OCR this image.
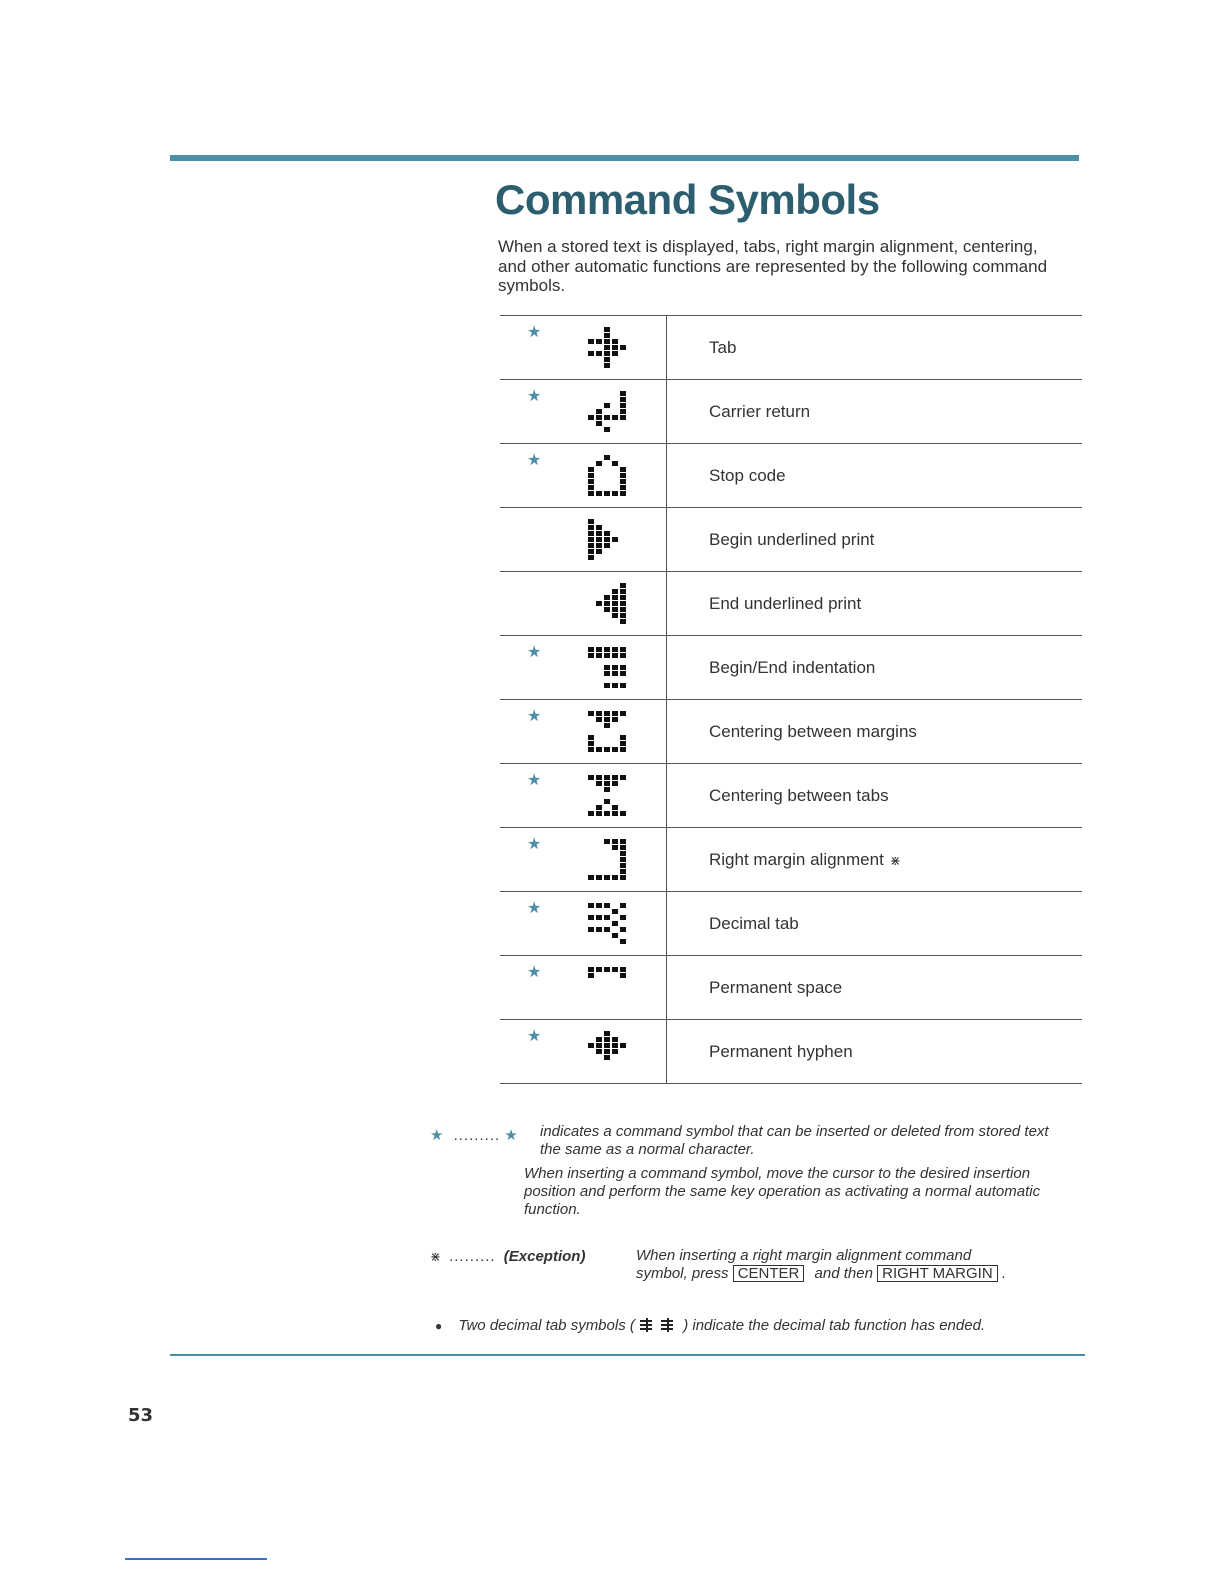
Command Symbols
When a stored text is displayed, tabs, right margin alignment, centering, and other automatic functions are represented by the following command symbols.
★	Tab

★	Carrier return

★	Stop code

	Begin underlined print

	End underlined print

★	Begin/End indentation

★	Centering between margins

★	Centering between tabs

★	Right margin alignment ⋇

★	Decimal tab

★	Permanent space

★	Permanent hyphen
★ ......... ★ indicates a command symbol that can be inserted or deleted from stored text the same as a normal character.
When inserting a command symbol, move the cursor to the desired insertion position and perform the same key operation as activating a normal automatic function.
⋇ ......... (Exception)	When inserting a right margin alignment command
symbol, press CENTER and then RIGHT MARGIN .
● Two decimal tab symbols (	) indicate the decimal tab function has ended.
53
